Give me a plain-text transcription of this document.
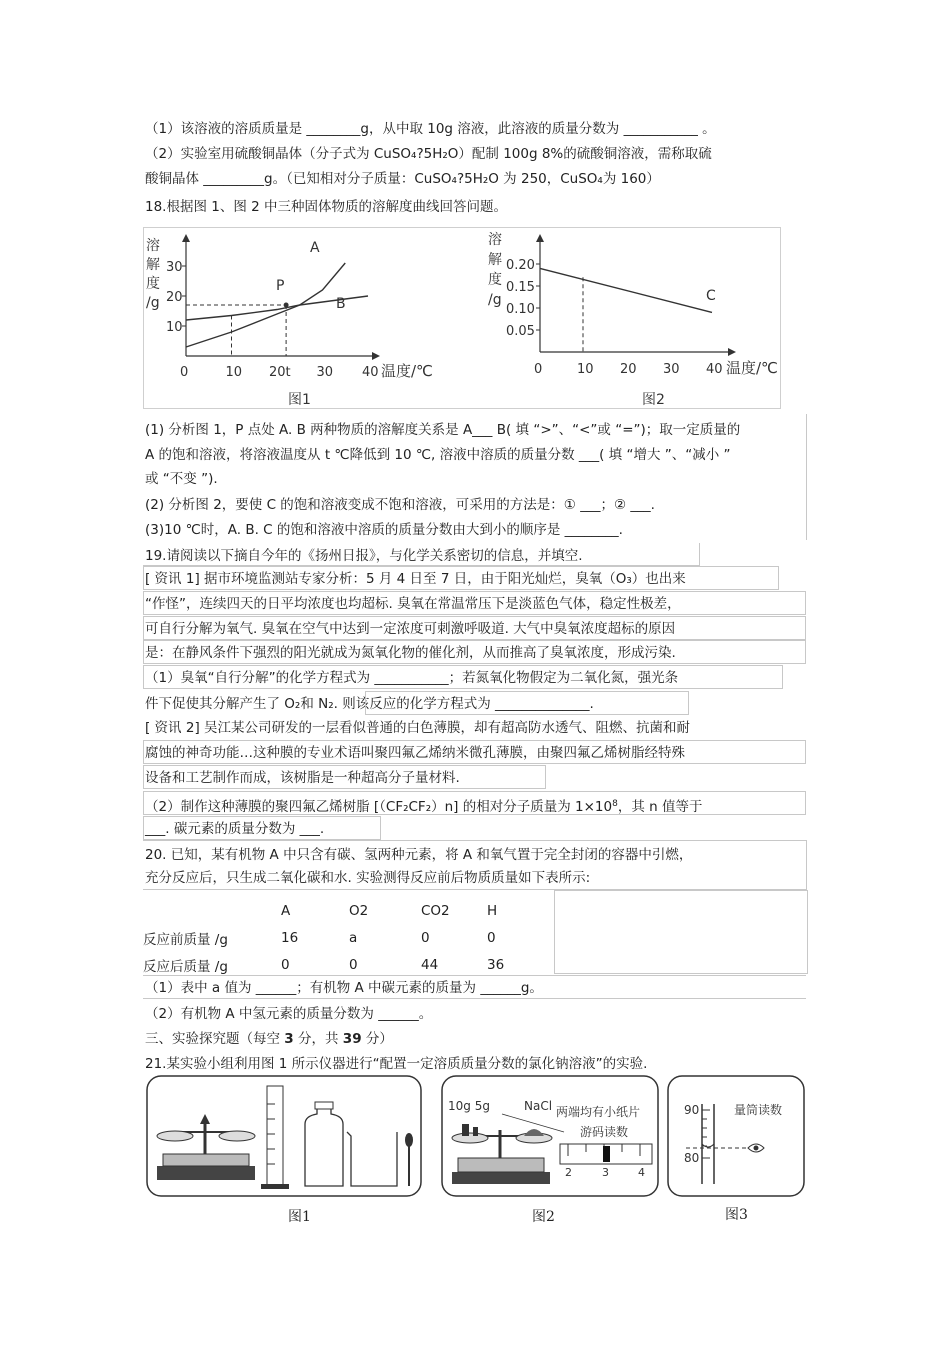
（1）该溶液的溶质质量是 ________g，从中取 10g 溶液，此溶液的质量分数为 ___________ 。
（2）实验室用硫酸铜晶体（分子式为 CuSO₄?5H₂O）配制 100g 8%的硫酸铜溶液，需称取硫
酸铜晶体 _________g。（已知相对分子质量：CuSO₄?5H₂O 为 250，CuSO₄为 160）
18.根据图 1、图 2 中三种固体物质的溶解度曲线回答问题。
溶
解
度
/g
30
20
10
0	10 20t 30 40 温度/℃
A
B
P
图1
溶
解
度
/g
0.20
0.15
0.10
0.05
0	10 20 30 40 温度/℃
C
图2
(1) 分析图 1，P 点处 A. B 两种物质的溶解度关系是 A___ B( 填 “>”、“<”或 “=”)；取一定质量的
A 的饱和溶液，将溶液温度从 t ℃降低到 10 ℃, 溶液中溶质的质量分数 ___( 填 “增大 ”、“减小 ”
或 “不变 ”).
(2) 分析图 2，要使 C 的饱和溶液变成不饱和溶液，可采用的方法是：① ___；② ___.
(3)10 ℃时，A. B. C 的饱和溶液中溶质的质量分数由大到小的顺序是 ________.
19.请阅读以下摘自今年的《扬州日报》，与化学关系密切的信息，并填空.
[ 资讯 1] 据市环境监测站专家分析：5 月 4 日至 7 日，由于阳光灿烂，臭氧（O₃）也出来
“作怪”，连续四天的日平均浓度也均超标. 臭氧在常温常压下是淡蓝色气体，稳定性极差，
可自行分解为氧气. 臭氧在空气中达到一定浓度可刺激呼吸道. 大气中臭氧浓度超标的原因
是：在静风条件下强烈的阳光就成为氮氧化物的催化剂，从而推高了臭氧浓度，形成污染.
（1）臭氧“自行分解”的化学方程式为 ___________；若氮氧化物假定为二氧化氮，强光条
件下促使其分解产生了 O₂和 N₂. 则该反应的化学方程式为 ______________.
[ 资讯 2] 吴江某公司研发的一层看似普通的白色薄膜，却有超高防水透气、阻燃、抗菌和耐
腐蚀的神奇功能…这种膜的专业术语叫聚四氟乙烯纳米微孔薄膜，由聚四氟乙烯树脂经特殊
设备和工艺制作而成，该树脂是一种超高分子量材料.
（2）制作这种薄膜的聚四氟乙烯树脂 [（CF₂CF₂）n] 的相对分子质量为 $1\times 10^8$，其 n 值等于
___. 碳元素的质量分数为 ___.
20. 已知，某有机物 A 中只含有碳、氢两种元素，将 A 和氧气置于完全封闭的容器中引燃，
充分反应后，只生成二氧化碳和水. 实验测得反应前后物质质量如下表所示:
	A	O2	CO2	H
反应前质量 /g	16	a	0	0
反应后质量 /g	0	0	44	36
（1）表中 a 值为 ______；有机物 A 中碳元素的质量为 ______g。
（2）有机物 A 中氢元素的质量分数为 ______。
三、实验探究题（每空 3 分，共 39 分）
21.某实验小组利用图 1 所示仪器进行“配置一定溶质质量分数的氯化钠溶液”的实验.
图1
10g 5g	NaCl 两端均有小纸片
游码读数
2	3	4
图2
90
80
量筒读数
图3
